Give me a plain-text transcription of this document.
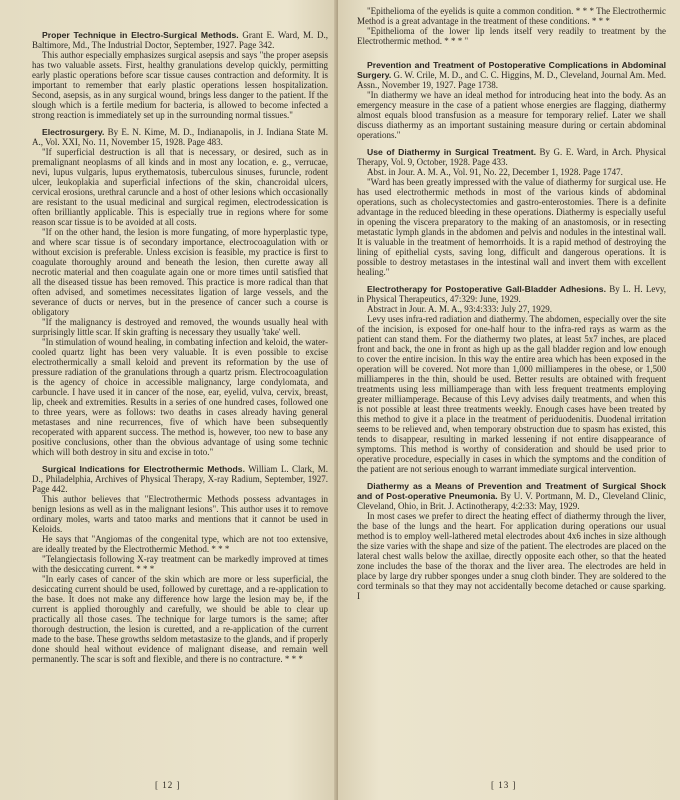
Proper Technique in Electro-Surgical Methods. Grant E. Ward, M. D., Baltimore, Md., The Industrial Doctor, September, 1927. Page 342.

This author especially emphasizes surgical asepsis and says "the proper asepsis has two valuable assets. First, healthy granulations develop quickly, permitting early plastic operations before scar tissue causes contraction and deformity. It is important to remember that early plastic operations lessen hospitalization. Second, asepsis, as in any surgical wound, brings less danger to the patient. If the slough which is a fertile medium for bacteria, is allowed to become infected a strong reaction is immediately set up in the surrounding normal tissues."

Electrosurgery. By E. N. Kime, M. D., Indianapolis, in J. Indiana State M. A., Vol. XXI, No. 11, November 15, 1928. Page 483.

"If superficial destruction is all that is necessary, or desired, such as in premalignant neoplasms of all kinds and in most any location, e. g., verrucae, nevi, lupus vulgaris, lupus erythematosis, tuberculous sinuses, furuncle, rodent ulcer, leukoplakia and superficial infections of the skin, chancroidal ulcers, cervical erosions, urethral caruncle and a host of other lesions which occasionally are resistant to the usual medicinal and surgical regimen, electrodessication is often brilliantly applicable. This is especially true in regions where for some reason scar tissue is to be avoided at all costs.

"If on the other hand, the lesion is more fungating, of more hyperplastic type, and where scar tissue is of secondary importance, electrocoagulation with or without excision is preferable. Unless excision is feasible, my practice is first to coagulate thoroughly around and beneath the lesion, then curette away all necrotic material and then coagulate again one or more times until satisfied that all the diseased tissue has been removed. This practice is more radical than that often advised, and sometimes necessitates ligation of large vessels, and the severance of ducts or nerves, but in the presence of cancer such a course is obligatory

"If the malignancy is destroyed and removed, the wounds usually heal with surprisingly little scar. If skin grafting is necessary they usually 'take' well.

"In stimulation of wound healing, in combating infection and keloid, the water-cooled quartz light has been very valuable. It is even possible to excise electrothermically a small keloid and prevent its reformation by the use of pressure radiation of the granulations through a quartz prism. Electrocoagulation is the agency of choice in accessible malignancy, large condylomata, and carbuncle. I have used it in cancer of the nose, ear, eyelid, vulva, cervix, breast, lip, cheek and extremities. Results in a series of one hundred cases, followed one to three years, were as follows: two deaths in cases already having general metastases and nine recurrences, five of which have been subsequently recoperated with apparent success. The method is, however, too new to base any positive conclusions, other than the obvious advantage of using some technic which will both destroy in situ and excise in toto."

Surgical Indications for Electrothermic Methods. William L. Clark, M. D., Philadelphia, Archives of Physical Therapy, X-ray Radium, September, 1927. Page 442.

This author believes that "Electrothermic Methods possess advantages in benign lesions as well as in the malignant lesions". This author uses it to remove ordinary moles, warts and tatoo marks and mentions that it cannot be used in Keloids.

He says that "Angiomas of the congenital type, which are not too extensive, are ideally treated by the Electrothermic Method. * * *

"Telangiectasis following X-ray treatment can be markedly improved at times with the desiccating current. * * *

"In early cases of cancer of the skin which are more or less superficial, the desiccating current should be used, followed by curettage, and a re-application to the base. It does not make any difference how large the lesion may be, if the current is applied thoroughly and carefully, we should be able to clear up practically all those cases. The technique for large tumors is the same; after thorough destruction, the lesion is curetted, and a re-application of the current made to the base. These growths seldom metastasize to the glands, and if properly done should heal without evidence of malignant disease, and remain well permanently. The scar is soft and flexible, and there is no contracture. * * *

[ 12 ]

"Epithelioma of the eyelids is quite a common condition. * * * The Electrothermic Method is a great advantage in the treatment of these conditions. * * *

"Epithelioma of the lower lip lends itself very readily to treatment by the Electrothermic method. * * * "

Prevention and Treatment of Postoperative Complications in Abdominal Surgery. G. W. Crile, M. D., and C. C. Higgins, M. D., Cleveland, Journal Am. Med. Assn., November 19, 1927. Page 1738.

"In diathermy we have an ideal method for introducing heat into the body. As an emergency measure in the case of a patient whose energies are flagging, diathermy almost equals blood transfusion as a measure for temporary relief. Later we shall discuss diathermy as an important sustaining measure during or certain abdominal operations."

Use of Diathermy in Surgical Treatment. By G. E. Ward, in Arch. Physical Therapy, Vol. 9, October, 1928. Page 433.

Abst. in Jour. A. M. A., Vol. 91, No. 22, December 1, 1928. Page 1747.

"Ward has been greatly impressed with the value of diathermy for surgical use. He has used electrothermic methods in most of the various kinds of abdominal operations, such as cholecystectomies and gastro-enterostomies. There is a definite advantage in the reduced bleeding in these operations. Diathermy is especially useful in opening the viscera preparatory to the making of an anastomosis, or in resecting metastatic lymph glands in the abdomen and pelvis and nodules in the intestinal wall. It is valuable in the treatment of hemorrhoids. It is a rapid method of destroying the lining of epithelial cysts, saving long, difficult and dangerous operations. It is possible to destroy metastases in the intestinal wall and invert them with excellent healing."

Electrotherapy for Postoperative Gall-Bladder Adhesions. By L. H. Levy, in Physical Therapeutics, 47:329: June, 1929.

Abstract in Jour. A. M. A., 93:4:333: July 27, 1929.

Levy uses infra-red radiation and diathermy. The abdomen, especially over the site of the incision, is exposed for one-half hour to the infra-red rays as warm as the patient can stand them. For the diathermy two plates, at least 5x7 inches, are placed front and back, the one in front as high up as the gall bladder region and low enough to cover the entire incision. In this way the entire area which has been exposed in the operation will be covered. Not more than 1,000 milliamperes in the obese, or 1,500 milliamperes in the thin, should be used. Better results are obtained with frequent treatments using less milliamperage than with less frequent treatments employing greater milliamperage. Because of this Levy advises daily treatments, and when this is not possible at least three treatments weekly. Enough cases have been treated by this method to give it a place in the treatment of periduodenitis. Duodenal irritation seems to be relieved and, when temporary obstruction due to spasm has existed, this tends to disappear, resulting in marked lessening if not entire disappearance of symptoms. This method is worthy of consideration and should be used prior to operative procedure, especially in cases in which the symptoms and the condition of the patient are not serious enough to warrant immediate surgical intervention.

Diathermy as a Means of Prevention and Treatment of Surgical Shock and of Post-operative Pneumonia. By U. V. Portmann, M. D., Cleveland Clinic, Cleveland, Ohio, in Brit. J. Actinotherapy, 4:2:33: May, 1929.

In most cases we prefer to direct the heating effect of diathermy through the liver, the base of the lungs and the heart. For application during operations our usual method is to employ well-lathered metal electrodes about 4x6 inches in size although the size varies with the shape and size of the patient. The electrodes are placed on the lateral chest walls below the axillae, directly opposite each other, so that the heated zone includes the base of the thorax and the liver area. The electrodes are held in place by large dry rubber sponges under a snug cloth binder. They are soldered to the cord terminals so that they may not accidentally become detached or cause sparking. I

[ 13 ]
